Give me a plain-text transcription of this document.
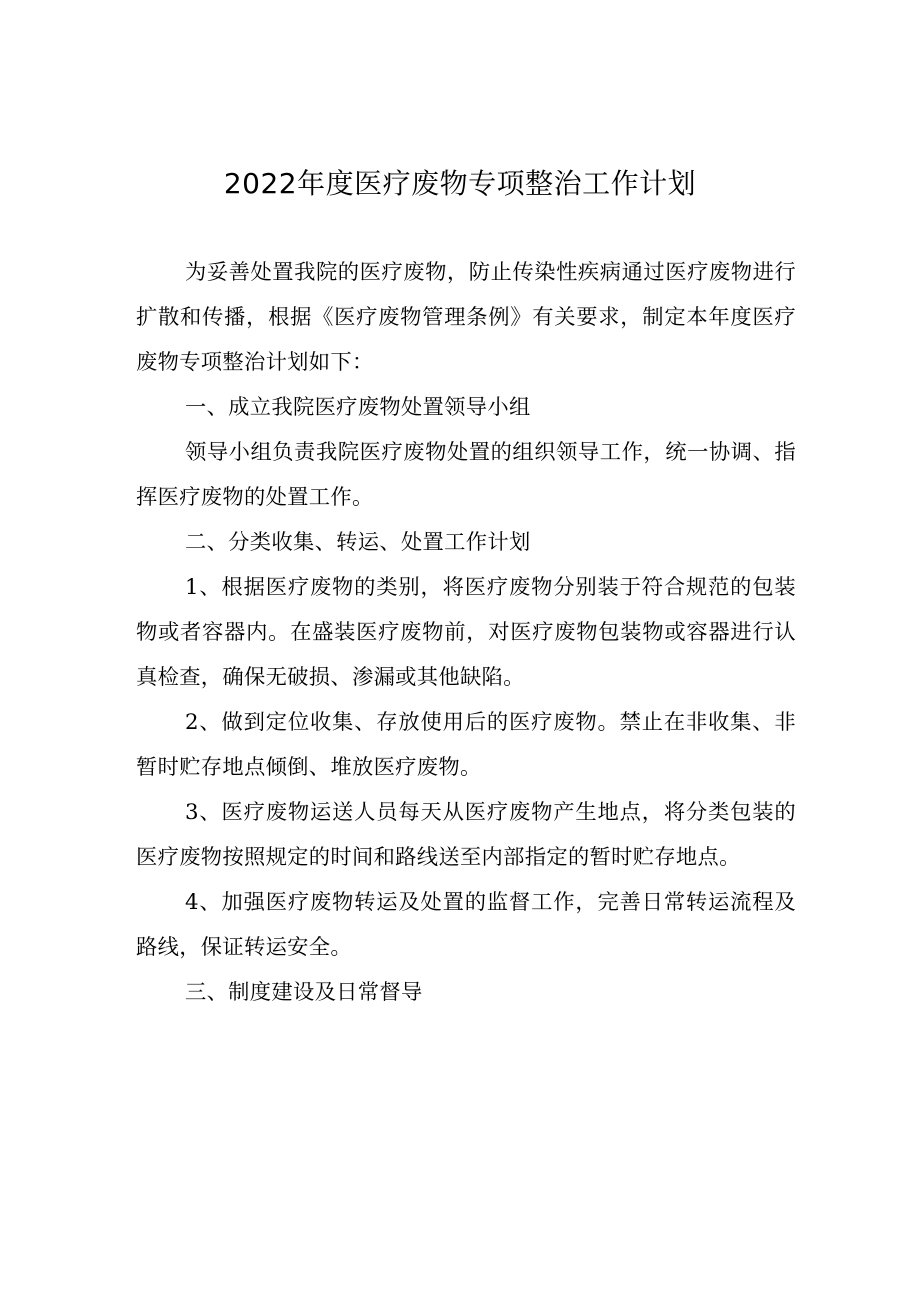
2022年度医疗废物专项整治工作计划

为妥善处置我院的医疗废物，防止传染性疾病通过医疗废物进行扩散和传播，根据《医疗废物管理条例》有关要求，制定本年度医疗废物专项整治计划如下：

一、成立我院医疗废物处置领导小组

领导小组负责我院医疗废物处置的组织领导工作，统一协调、指挥医疗废物的处置工作。

二、分类收集、转运、处置工作计划

1、根据医疗废物的类别，将医疗废物分别装于符合规范的包装物或者容器内。在盛装医疗废物前，对医疗废物包装物或容器进行认真检查，确保无破损、渗漏或其他缺陷。

2、做到定位收集、存放使用后的医疗废物。禁止在非收集、非暂时贮存地点倾倒、堆放医疗废物。

3、医疗废物运送人员每天从医疗废物产生地点，将分类包装的医疗废物按照规定的时间和路线送至内部指定的暂时贮存地点。

4、加强医疗废物转运及处置的监督工作，完善日常转运流程及路线，保证转运安全。

三、制度建设及日常督导
